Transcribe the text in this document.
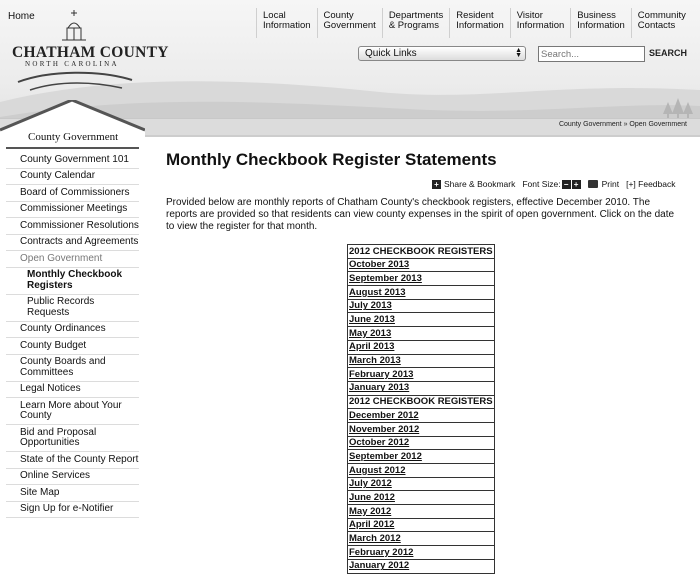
Home
CHATHAM COUNTY
NORTH CAROLINA
Local
Information
County
Government
Departments
& Programs
Resident
Information
Visitor
Information
Business
Information
Community
Contacts
Quick Links	▲
▼
Search...	SEARCH
County Government » Open Government
County Government
County Government 101
County Calendar
Board of Commissioners
Commissioner Meetings
Commissioner Resolutions
Contracts and Agreements
Open Government
Monthly Checkbook Registers
Public Records Requests
County Ordinances
County Budget
County Boards and Committees
Legal Notices
Learn More about Your County
Bid and Proposal Opportunities
State of the County Report
Online Services
Site Map
Sign Up for e-Notifier
Monthly Checkbook Register Statements
+ Share & Bookmark Font Size: − +	Print [+] Feedback

Provided below are monthly reports of Chatham County's checkbook registers, effective December 2010. The reports are provided so that residents can view county expenses in the spirit of open government. Click on the date to view the register for that month.

2012 CHECKBOOK REGISTERS
October 2013
September 2013
August 2013
July 2013
June 2013
May 2013
April 2013
March 2013
February 2013
January 2013
2012 CHECKBOOK REGISTERS
December 2012
November 2012
October 2012
September 2012
August 2012
July 2012
June 2012
May 2012
April 2012
March 2012
February 2012
January 2012
